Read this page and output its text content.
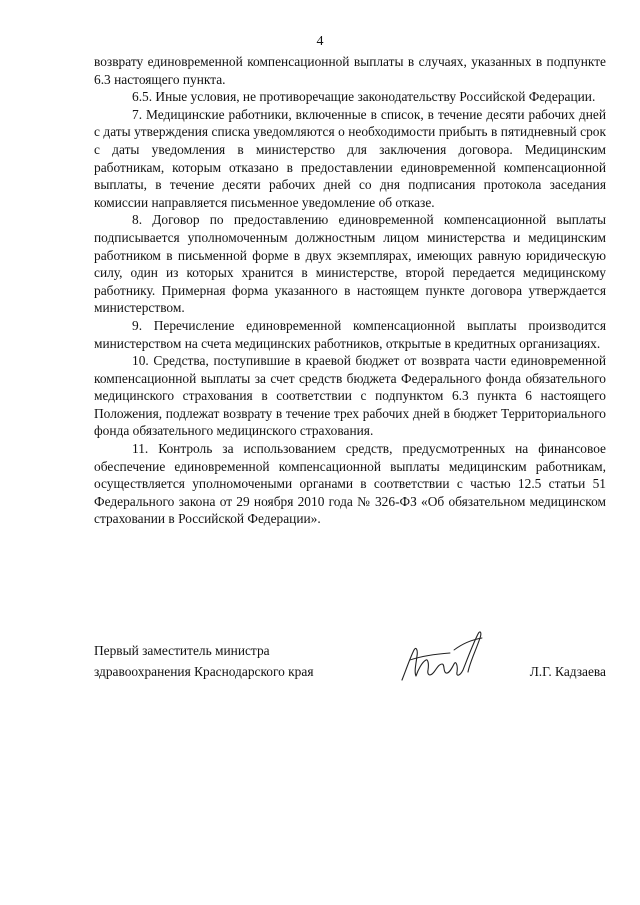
4

возврату единовременной компенсационной выплаты в случаях, указанных в подпункте 6.3 настоящего пункта.

6.5. Иные условия, не противоречащие законодательству Российской Федерации.

7. Медицинские работники, включенные в список, в течение десяти рабочих дней с даты утверждения списка уведомляются о необходимости прибыть в пятидневный срок с даты уведомления в министерство для заключения договора. Медицинским работникам, которым отказано в предоставлении единовременной компенсационной выплаты, в течение десяти рабочих дней со дня подписания протокола заседания комиссии направляется письменное уведомление об отказе.

8. Договор по предоставлению единовременной компенсационной выплаты подписывается уполномоченным должностным лицом министерства и медицинским работником в письменной форме в двух экземплярах, имеющих равную юридическую силу, один из которых хранится в министерстве, второй передается медицинскому работнику. Примерная форма указанного в настоящем пункте договора утверждается министерством.

9. Перечисление единовременной компенсационной выплаты производится министерством на счета медицинских работников, открытые в кредитных организациях.

10. Средства, поступившие в краевой бюджет от возврата части единовременной компенсационной выплаты за счет средств бюджета Федерального фонда обязательного медицинского страхования в соответствии с подпунктом 6.3 пункта 6 настоящего Положения, подлежат возврату в течение трех рабочих дней в бюджет Территориального фонда обязательного медицинского страхования.

11. Контроль за использованием средств, предусмотренных на финансовое обеспечение единовременной компенсационной выплаты медицинским работникам, осуществляется уполномочеными органами в соответствии с частью 12.5 статьи 51 Федерального закона от 29 ноября 2010 года № 326-ФЗ «Об обязательном медицинском страховании в Российской Федерации».

Первый заместитель министра
здравоохранения Краснодарского края	Л.Г. Кадзаева
